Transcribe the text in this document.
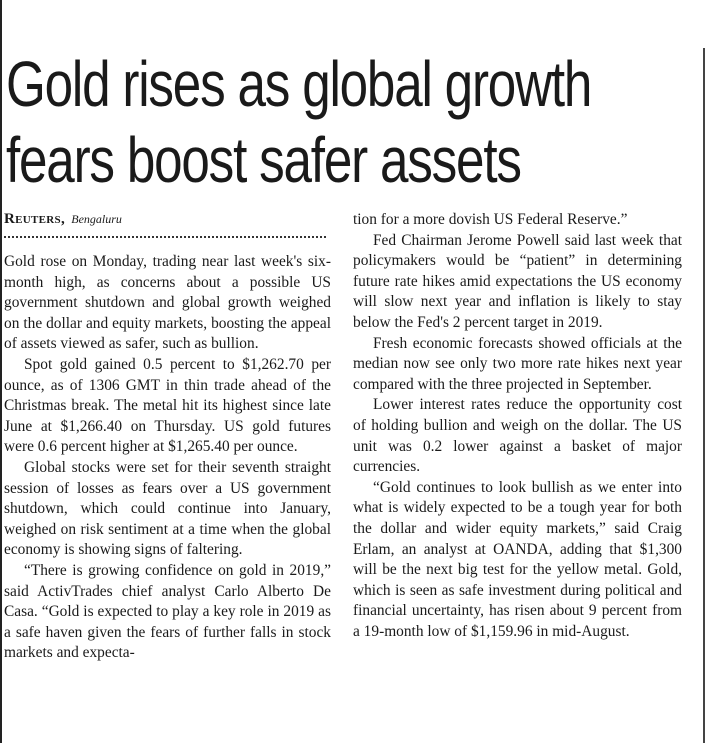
Gold rises as global growth
fears boost safer assets
Reuters, Bengaluru

Gold rose on Monday, trading near last week's six-month high, as concerns about a possible US government shutdown and global growth weighed on the dollar and equity markets, boosting the appeal of assets viewed as safer, such as bullion.

Spot gold gained 0.5 percent to $1,262.70 per ounce, as of 1306 GMT in thin trade ahead of the Christmas break. The metal hit its highest since late June at $1,266.40 on Thursday. US gold futures were 0.6 percent higher at $1,265.40 per ounce.

Global stocks were set for their seventh straight session of losses as fears over a US government shutdown, which could continue into January, weighed on risk sentiment at a time when the global economy is showing signs of faltering.

“There is growing confidence on gold in 2019,” said ActivTrades chief analyst Carlo Alberto De Casa. “Gold is expected to play a key role in 2019 as a safe haven given the fears of further falls in stock markets and expecta-

tion for a more dovish US Federal Reserve.”

Fed Chairman Jerome Powell said last week that policymakers would be “patient” in determining future rate hikes amid expectations the US economy will slow next year and inflation is likely to stay below the Fed's 2 percent target in 2019.

Fresh economic forecasts showed officials at the median now see only two more rate hikes next year compared with the three projected in September.

Lower interest rates reduce the opportunity cost of holding bullion and weigh on the dollar. The US unit was 0.2 lower against a basket of major currencies.

“Gold continues to look bullish as we enter into what is widely expected to be a tough year for both the dollar and wider equity markets,” said Craig Erlam, an analyst at OANDA, adding that $1,300 will be the next big test for the yellow metal. Gold, which is seen as safe investment during political and financial uncertainty, has risen about 9 percent from a 19-month low of $1,159.96 in mid-August.
